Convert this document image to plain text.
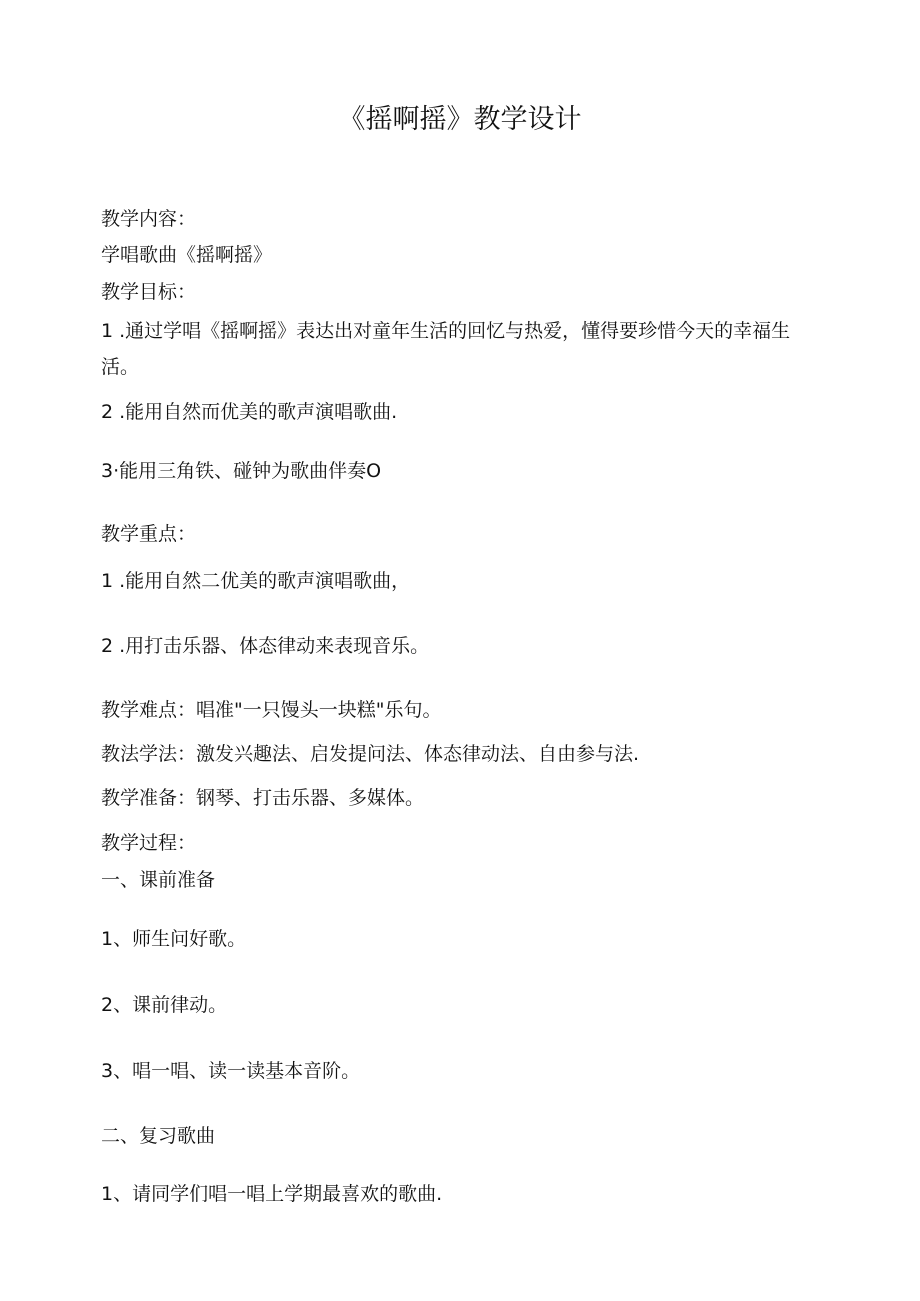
《摇啊摇》教学设计
教学内容：
学唱歌曲《摇啊摇》
教学目标：
1 .通过学唱《摇啊摇》表达出对童年生活的回忆与热爱，懂得要珍惜今天的幸福生活。
2 .能用自然而优美的歌声演唱歌曲.
3·能用三角铁、碰钟为歌曲伴奏O
教学重点：
1 .能用自然二优美的歌声演唱歌曲，
2 .用打击乐器、体态律动来表现音乐。
教学难点：唱准"一只馒头一块糕"乐句。
教法学法：激发兴趣法、启发提问法、体态律动法、自由参与法.
教学准备：钢琴、打击乐器、多媒体。
教学过程：
一、课前准备
1、师生问好歌。
2、课前律动。
3、唱一唱、读一读基本音阶。
二、复习歌曲
1、请同学们唱一唱上学期最喜欢的歌曲.
